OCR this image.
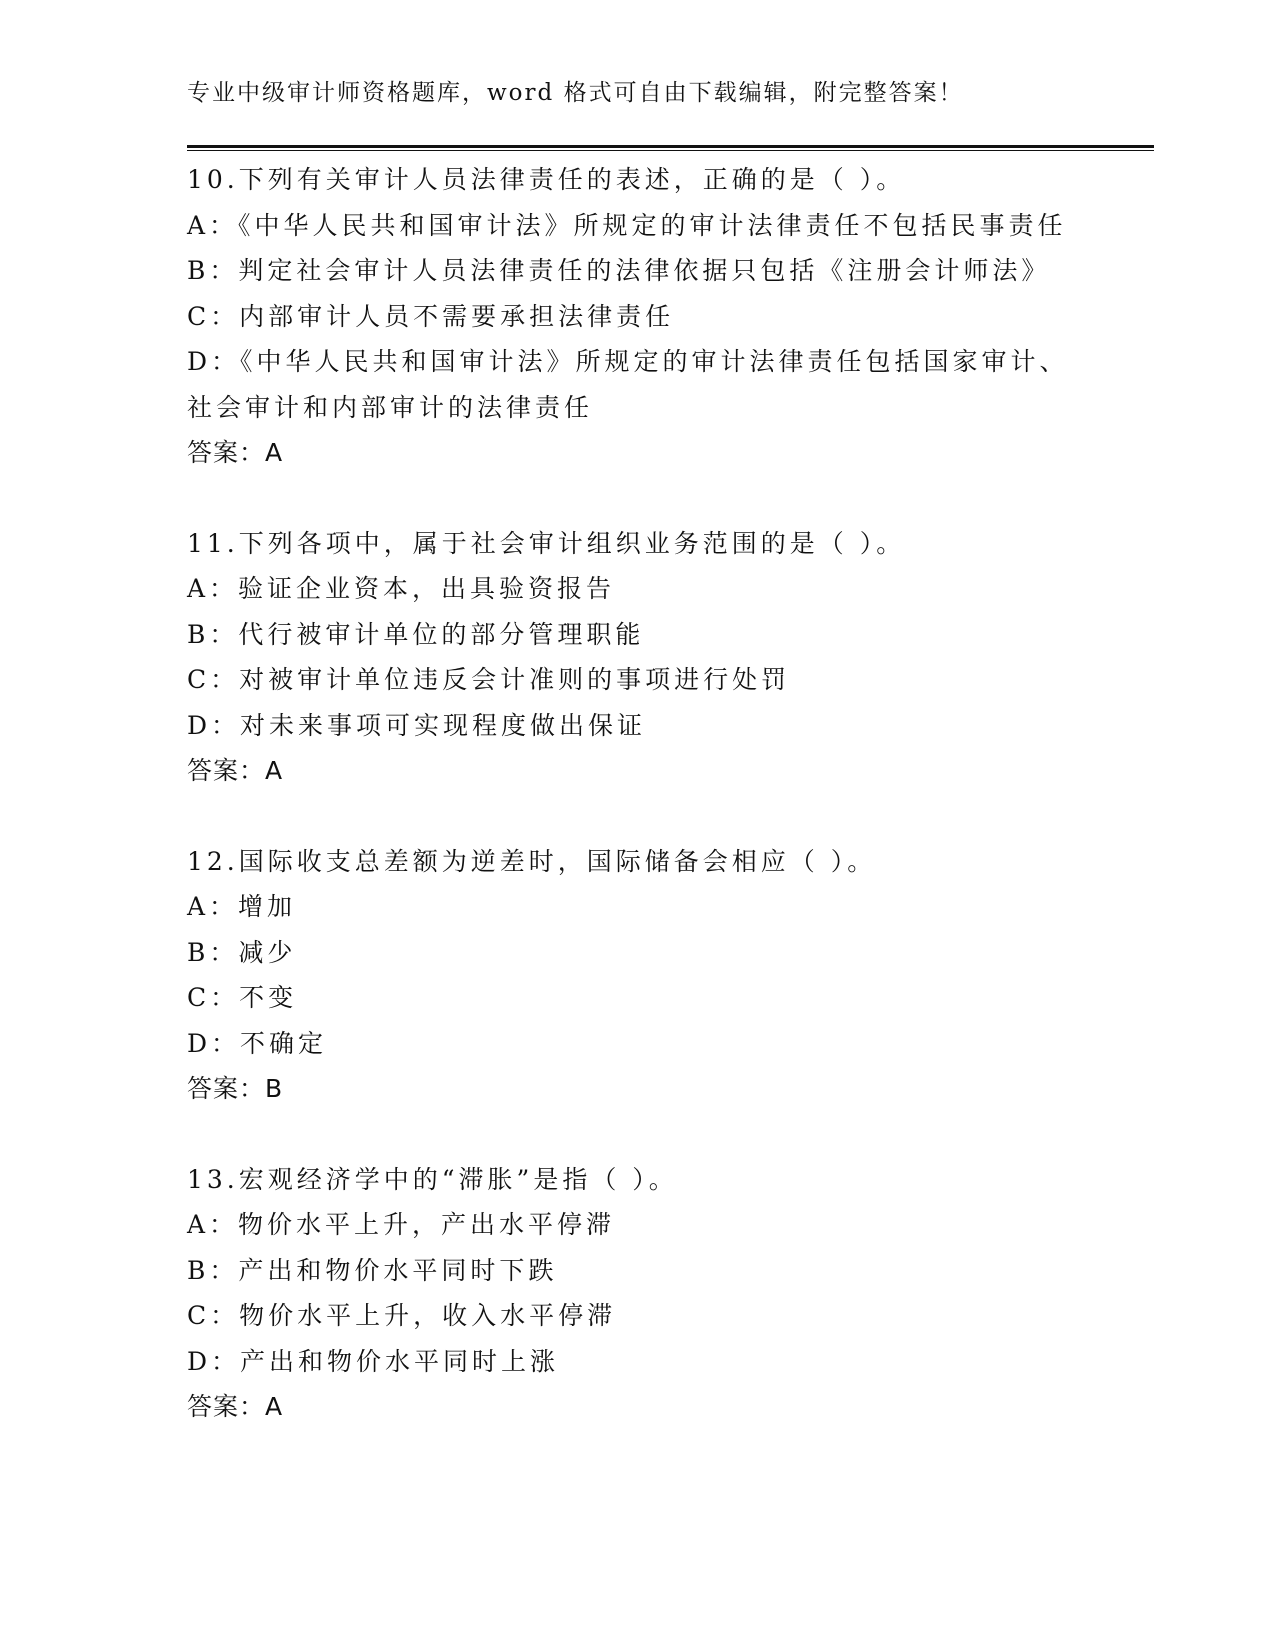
专业中级审计师资格题库，word 格式可自由下载编辑，附完整答案！
10.下列有关审计人员法律责任的表述，正确的是（ ）。
A：《中华人民共和国审计法》所规定的审计法律责任不包括民事责任
B：判定社会审计人员法律责任的法律依据只包括《注册会计师法》
C：内部审计人员不需要承担法律责任
D：《中华人民共和国审计法》所规定的审计法律责任包括国家审计、
社会审计和内部审计的法律责任
答案：A
11.下列各项中，属于社会审计组织业务范围的是（ ）。
A：验证企业资本，出具验资报告
B：代行被审计单位的部分管理职能
C：对被审计单位违反会计准则的事项进行处罚
D：对未来事项可实现程度做出保证
答案：A
12.国际收支总差额为逆差时，国际储备会相应（ ）。
A：增加
B：减少
C：不变
D：不确定
答案：B
13.宏观经济学中的“滞胀”是指（ ）。
A：物价水平上升，产出水平停滞
B：产出和物价水平同时下跌
C：物价水平上升，收入水平停滞
D：产出和物价水平同时上涨
答案：A
